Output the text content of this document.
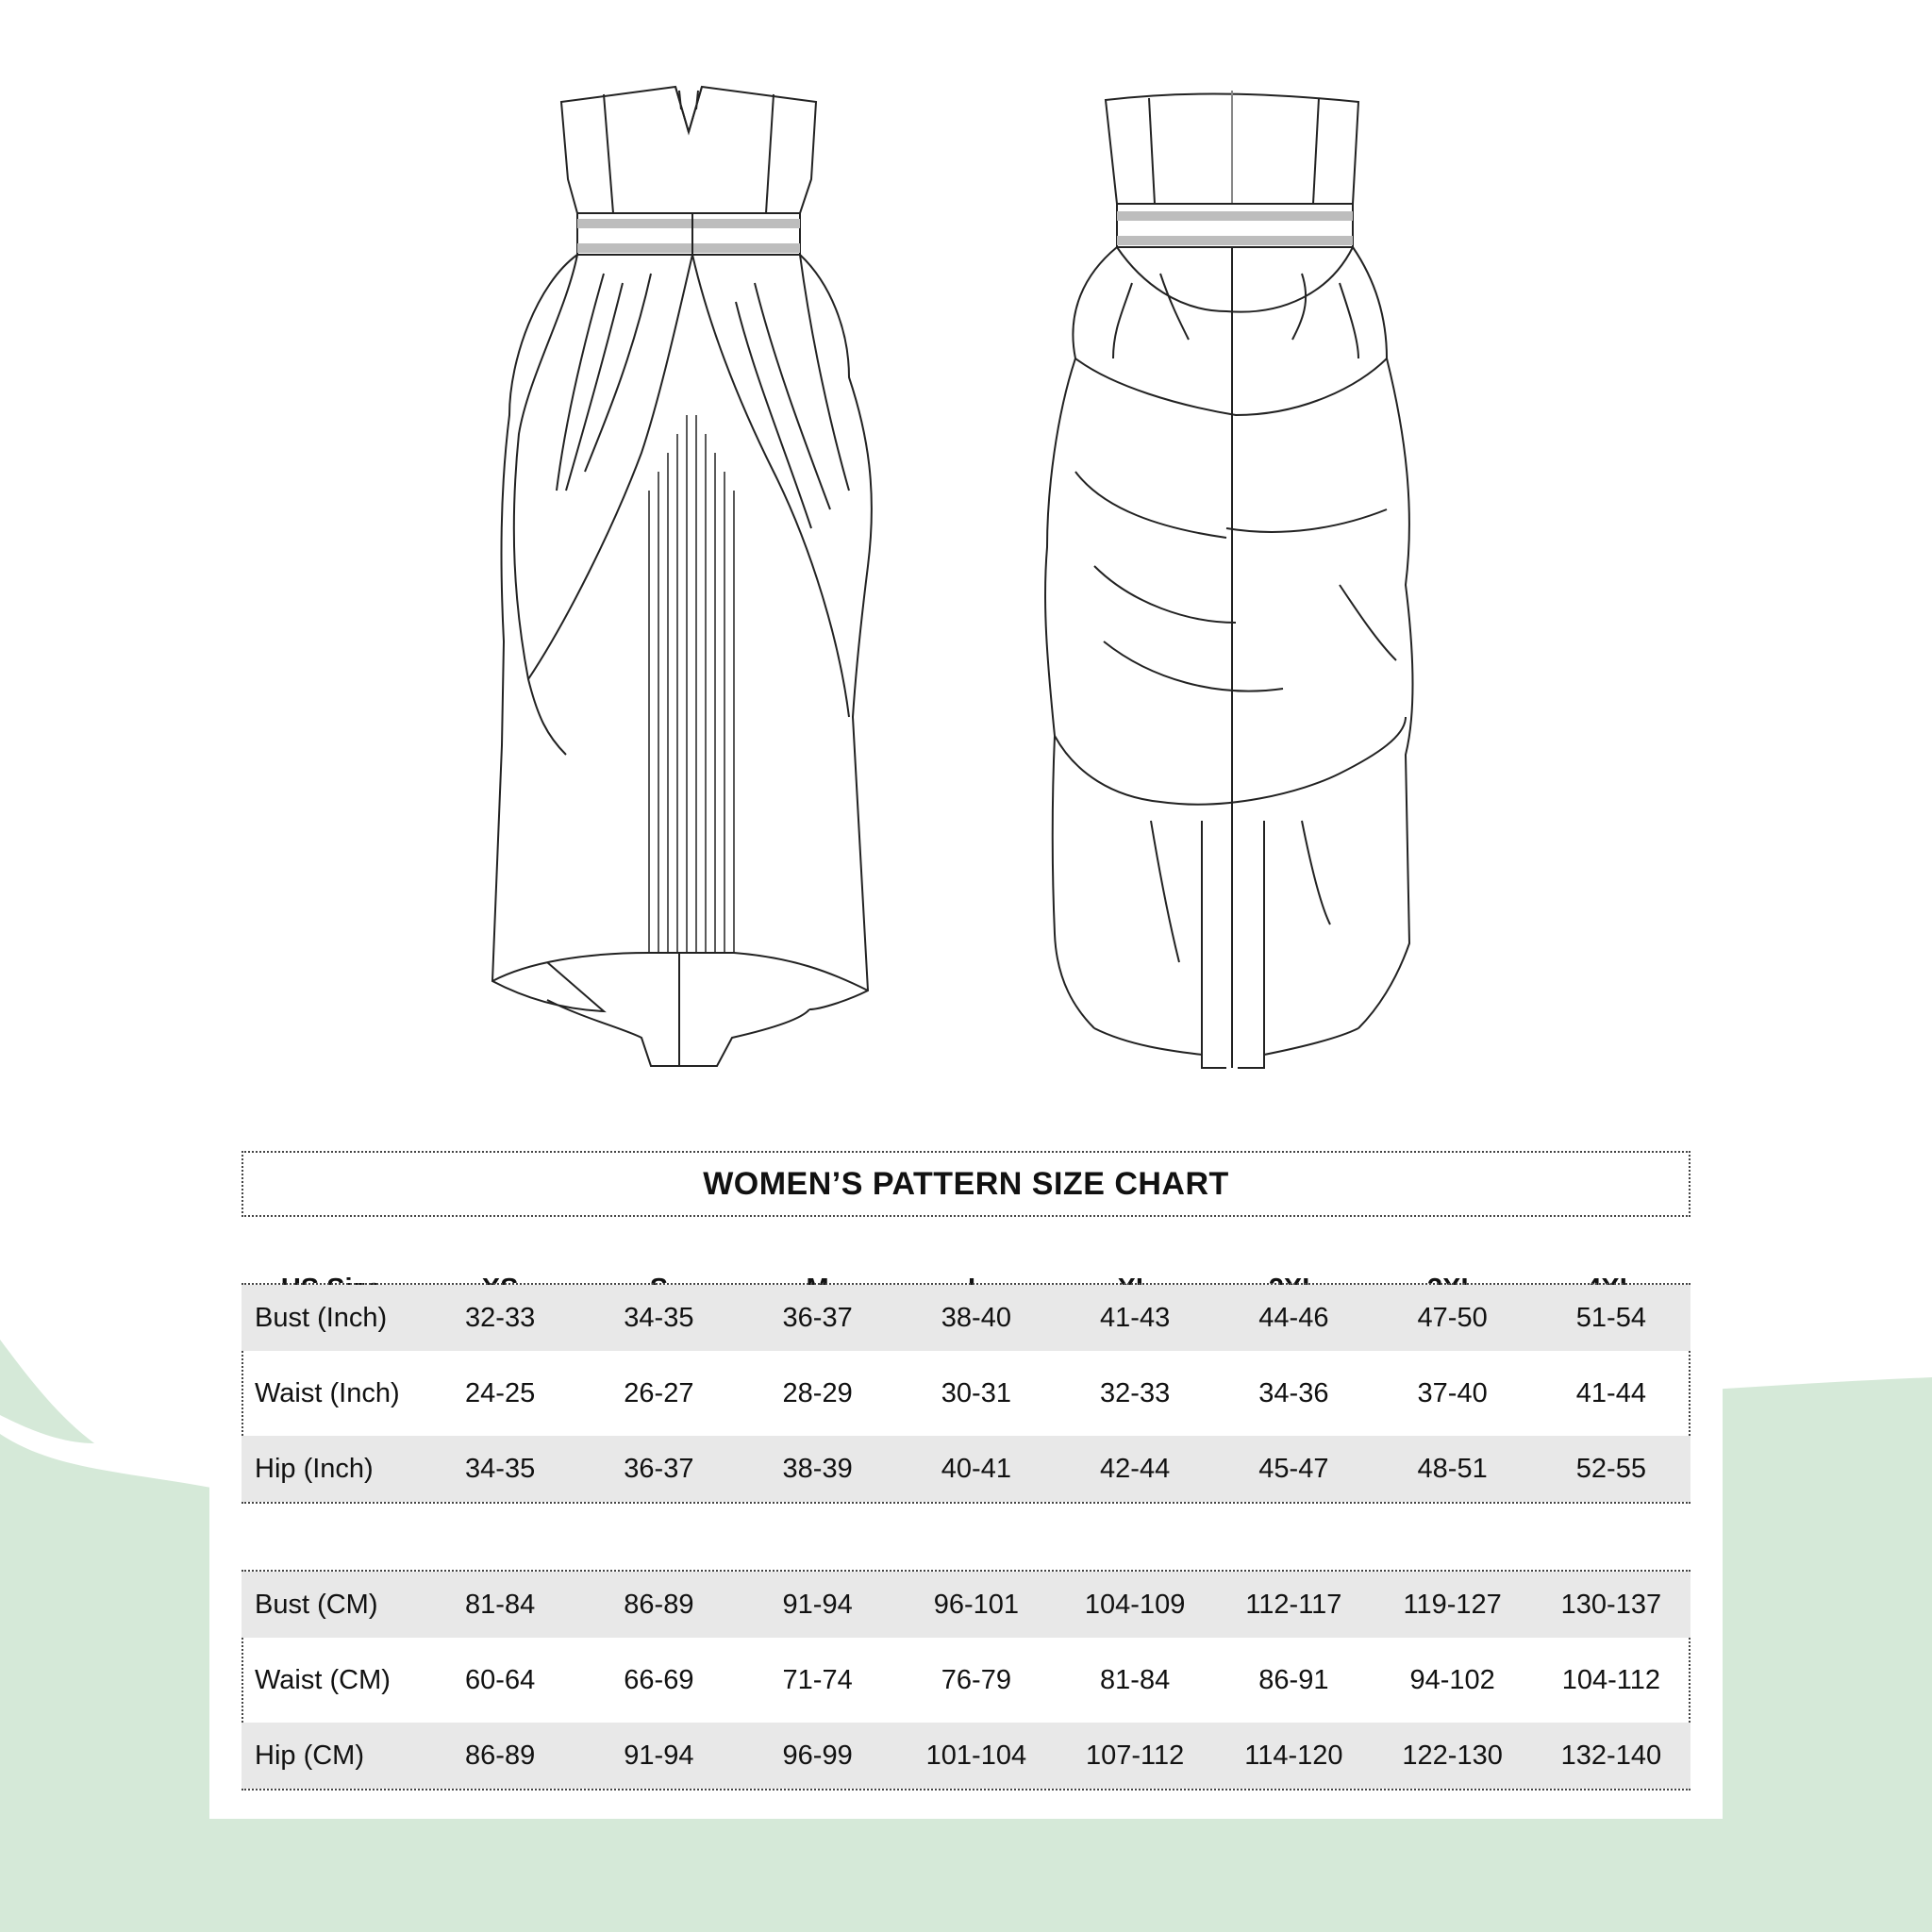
WOMEN’S PATTERN SIZE CHART
Bust (Inch)	32-33	34-35	36-37	38-40	41-43	44-46	47-50	51-54
Waist (Inch)	24-25	26-27	28-29	30-31	32-33	34-36	37-40	41-44
Hip (Inch)	34-35	36-37	38-39	40-41	42-44	45-47	48-51	52-55
Bust (CM)	81-84	86-89	91-94	96-101	104-109	112-117	119-127	130-137
Waist (CM)	60-64	66-69	71-74	76-79	81-84	86-91	94-102	104-112
Hip (CM)	86-89	91-94	96-99	101-104	107-112	114-120	122-130	132-140
